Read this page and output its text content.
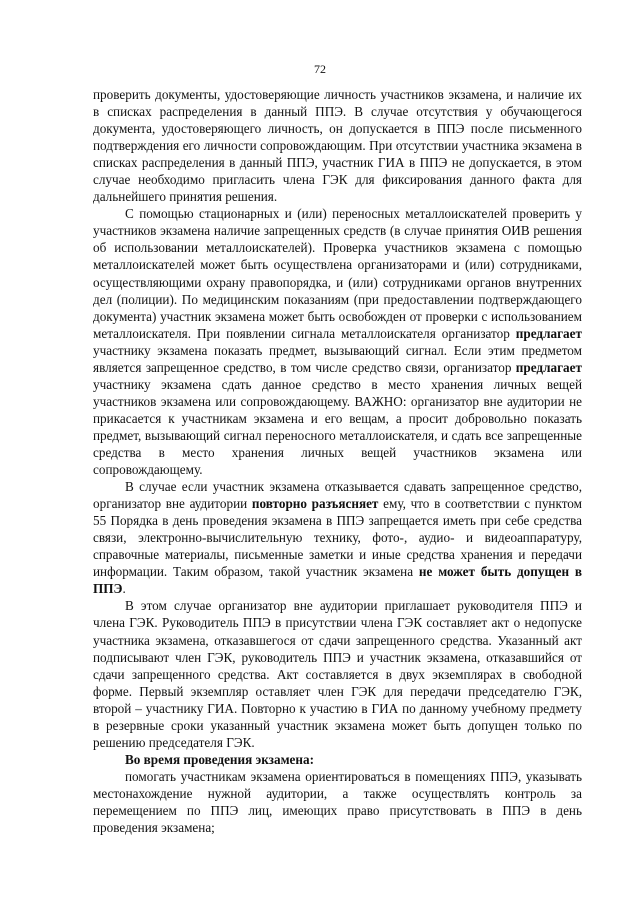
72

проверить документы, удостоверяющие личность участников экзамена, и наличие их в списках распределения в данный ППЭ. В случае отсутствия у обучающегося документа, удостоверяющего личность, он допускается в ППЭ после письменного подтверждения его личности сопровождающим. При отсутствии участника экзамена в списках распределения в данный ППЭ, участник ГИА в ППЭ не допускается, в этом случае необходимо пригласить члена ГЭК для фиксирования данного факта для дальнейшего принятия решения.

С помощью стационарных и (или) переносных металлоискателей проверить у участников экзамена наличие запрещенных средств (в случае принятия ОИВ решения об использовании металлоискателей). Проверка участников экзамена с помощью металлоискателей может быть осуществлена организаторами и (или) сотрудниками, осуществляющими охрану правопорядка, и (или) сотрудниками органов внутренних дел (полиции). По медицинским показаниям (при предоставлении подтверждающего документа) участник экзамена может быть освобожден от проверки с использованием металлоискателя. При появлении сигнала металлоискателя организатор предлагает участнику экзамена показать предмет, вызывающий сигнал. Если этим предметом является запрещенное средство, в том числе средство связи, организатор предлагает участнику экзамена сдать данное средство в место хранения личных вещей участников экзамена или сопровождающему. ВАЖНО: организатор вне аудитории не прикасается к участникам экзамена и его вещам, а просит добровольно показать предмет, вызывающий сигнал переносного металлоискателя, и сдать все запрещенные средства в место хранения личных вещей участников экзамена или сопровождающему.

В случае если участник экзамена отказывается сдавать запрещенное средство, организатор вне аудитории повторно разъясняет ему, что в соответствии с пунктом 55 Порядка в день проведения экзамена в ППЭ запрещается иметь при себе средства связи, электронно-вычислительную технику, фото-, аудио- и видеоаппаратуру, справочные материалы, письменные заметки и иные средства хранения и передачи информации. Таким образом, такой участник экзамена не может быть допущен в ППЭ.

В этом случае организатор вне аудитории приглашает руководителя ППЭ и члена ГЭК. Руководитель ППЭ в присутствии члена ГЭК составляет акт о недопуске участника экзамена, отказавшегося от сдачи запрещенного средства. Указанный акт подписывают член ГЭК, руководитель ППЭ и участник экзамена, отказавшийся от сдачи запрещенного средства. Акт составляется в двух экземплярах в свободной форме. Первый экземпляр оставляет член ГЭК для передачи председателю ГЭК, второй – участнику ГИА. Повторно к участию в ГИА по данному учебному предмету в резервные сроки указанный участник экзамена может быть допущен только по решению председателя ГЭК.

Во время проведения экзамена:

помогать участникам экзамена ориентироваться в помещениях ППЭ, указывать местонахождение нужной аудитории, а также осуществлять контроль за перемещением по ППЭ лиц, имеющих право присутствовать в ППЭ в день проведения экзамена;
